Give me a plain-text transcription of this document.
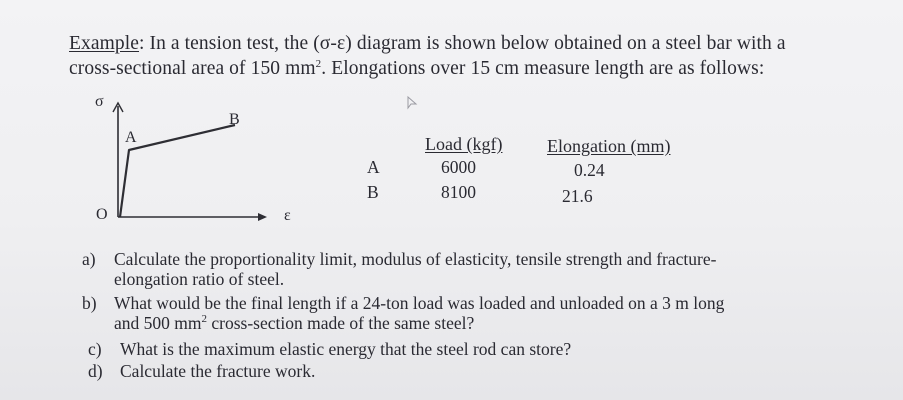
Example: In a tension test, the (σ-ε) diagram is shown below obtained on a steel bar with a
cross-sectional area of 150 $mm^2$. Elongations over 15 cm measure length are as follows:
σ
A
B
O	ε
Load (kgf) Elongation (mm)
A	6000	0.24
B	8100	21.6
a) Calculate the proportionality limit, modulus of elasticity, tensile strength and fracture-
elongation ratio of steel.
b) What would be the final length if a 24-ton load was loaded and unloaded on a 3 m long
and 500 $mm^2$ cross-section made of the same steel?
c) What is the maximum elastic energy that the steel rod can store?
d) Calculate the fracture work.
